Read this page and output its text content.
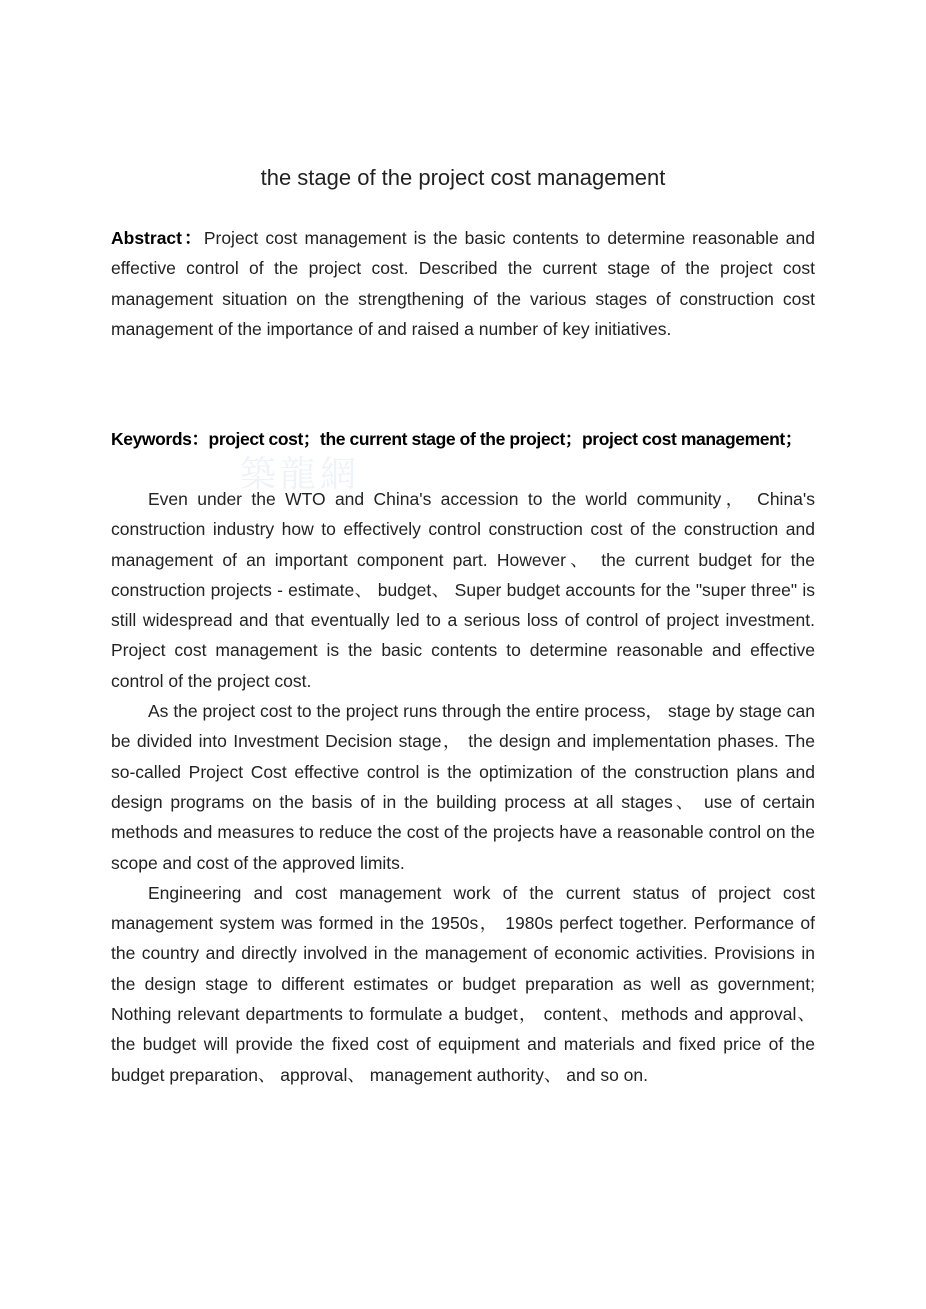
the stage of the project cost management
Abstract：Project cost management is the basic contents to determine reasonable and effective control of the project cost. Described the current stage of the project cost management situation on the strengthening of the various stages of construction cost management of the importance of and raised a number of key initiatives.
Keywords：project cost；the current stage of the project；project cost management；
築龍網

Even under the WTO and China's accession to the world community， China's construction industry how to effectively control construction cost of the construction and management of an important component part. However、 the current budget for the construction projects - estimate、 budget、 Super budget accounts for the "super three" is still widespread and that eventually led to a serious loss of control of project investment. Project cost management is the basic contents to determine reasonable and effective control of the project cost.

As the project cost to the project runs through the entire process， stage by stage can be divided into Investment Decision stage， the design and implementation phases. The so-called Project Cost effective control is the optimization of the construction plans and design programs on the basis of in the building process at all stages、 use of certain methods and measures to reduce the cost of the projects have a reasonable control on the scope and cost of the approved limits.

Engineering and cost management work of the current status of project cost management system was formed in the 1950s， 1980s perfect together. Performance of the country and directly involved in the management of economic activities. Provisions in the design stage to different estimates or budget preparation as well as government; Nothing relevant departments to formulate a budget， content、methods and approval、the budget will provide the fixed cost of equipment and materials and fixed price of the budget preparation、 approval、 management authority、 and so on.
